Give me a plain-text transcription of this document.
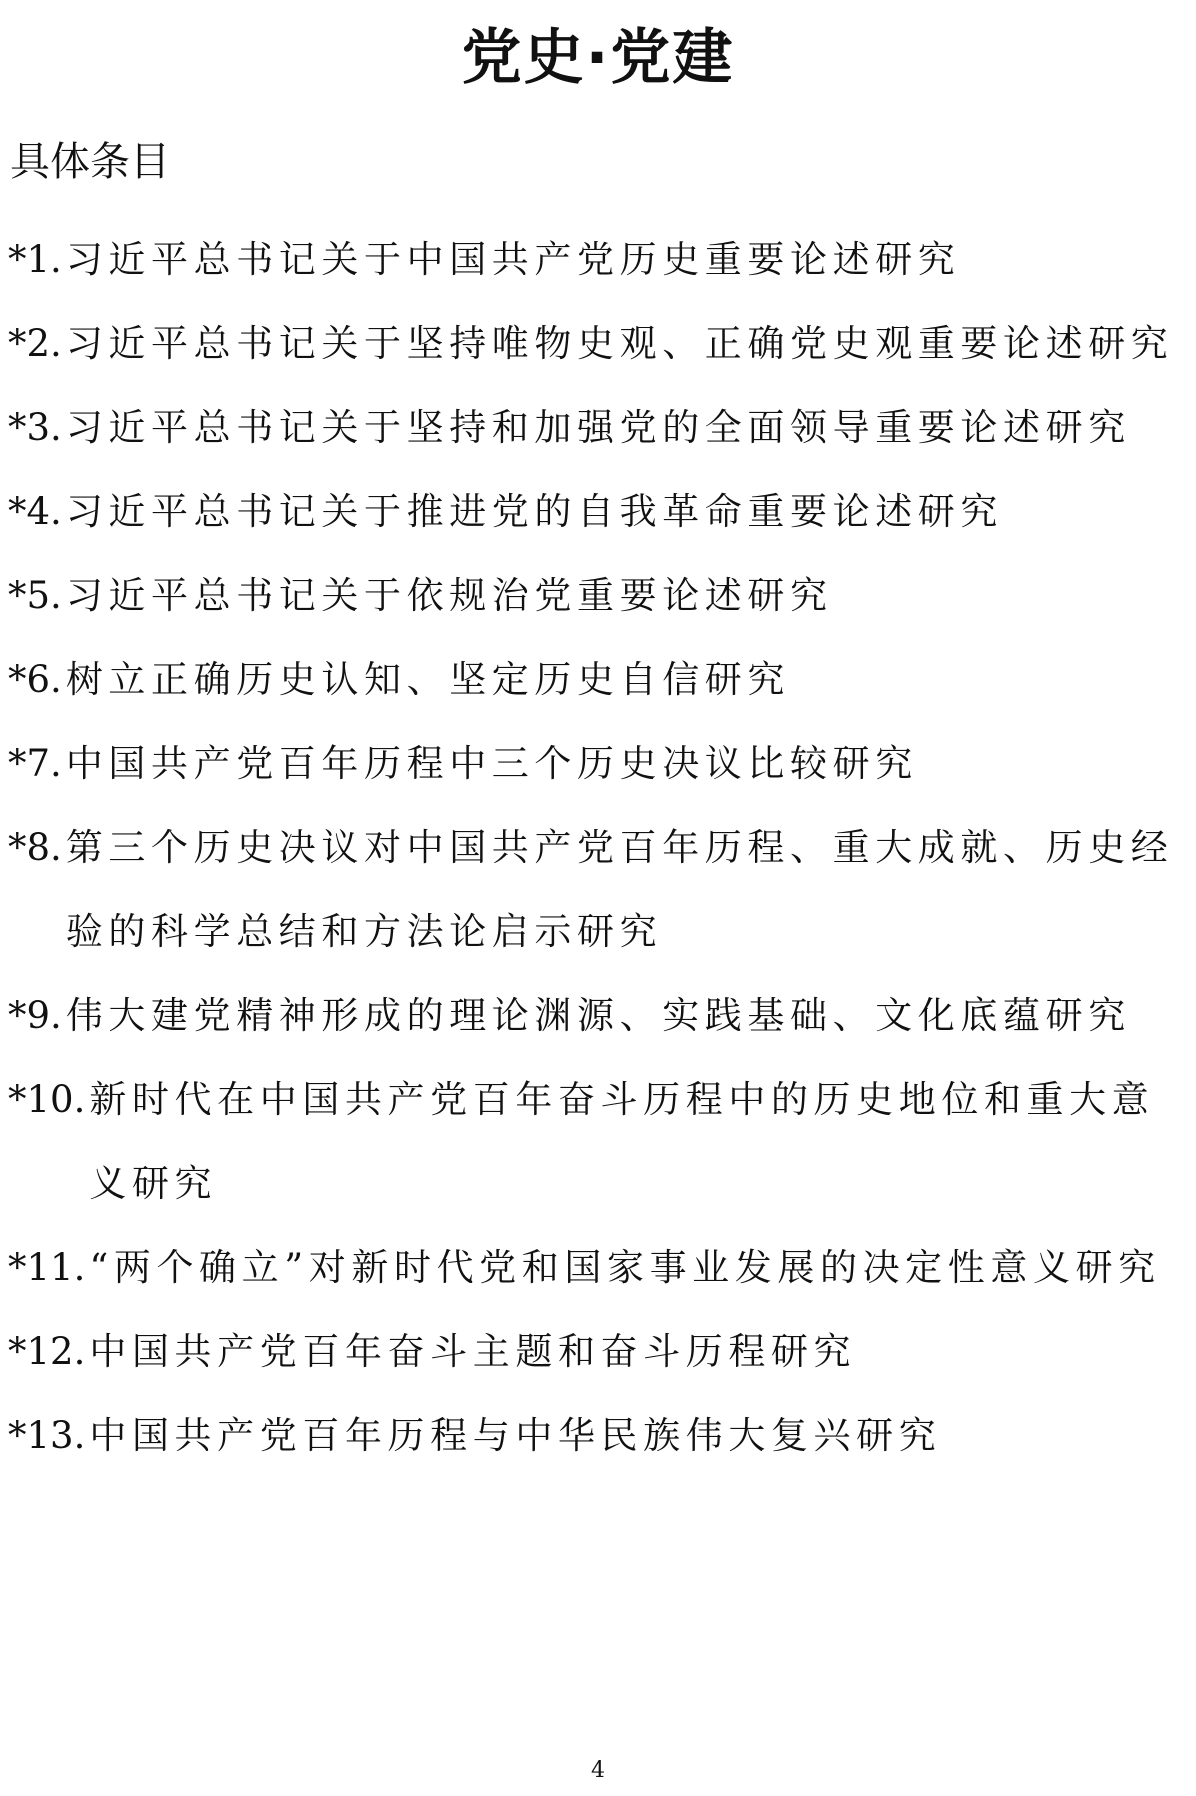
党史·党建
具体条目
*1. 习近平总书记关于中国共产党历史重要论述研究
*2. 习近平总书记关于坚持唯物史观、正确党史观重要论述研究
*3. 习近平总书记关于坚持和加强党的全面领导重要论述研究
*4. 习近平总书记关于推进党的自我革命重要论述研究
*5. 习近平总书记关于依规治党重要论述研究
*6. 树立正确历史认知、坚定历史自信研究
*7. 中国共产党百年历程中三个历史决议比较研究
*8. 第三个历史决议对中国共产党百年历程、重大成就、历史经验的科学总结和方法论启示研究
*9. 伟大建党精神形成的理论渊源、实践基础、文化底蕴研究
*10. 新时代在中国共产党百年奋斗历程中的历史地位和重大意义研究
*11. “两个确立”对新时代党和国家事业发展的决定性意义研究
*12. 中国共产党百年奋斗主题和奋斗历程研究
*13. 中国共产党百年历程与中华民族伟大复兴研究
4
